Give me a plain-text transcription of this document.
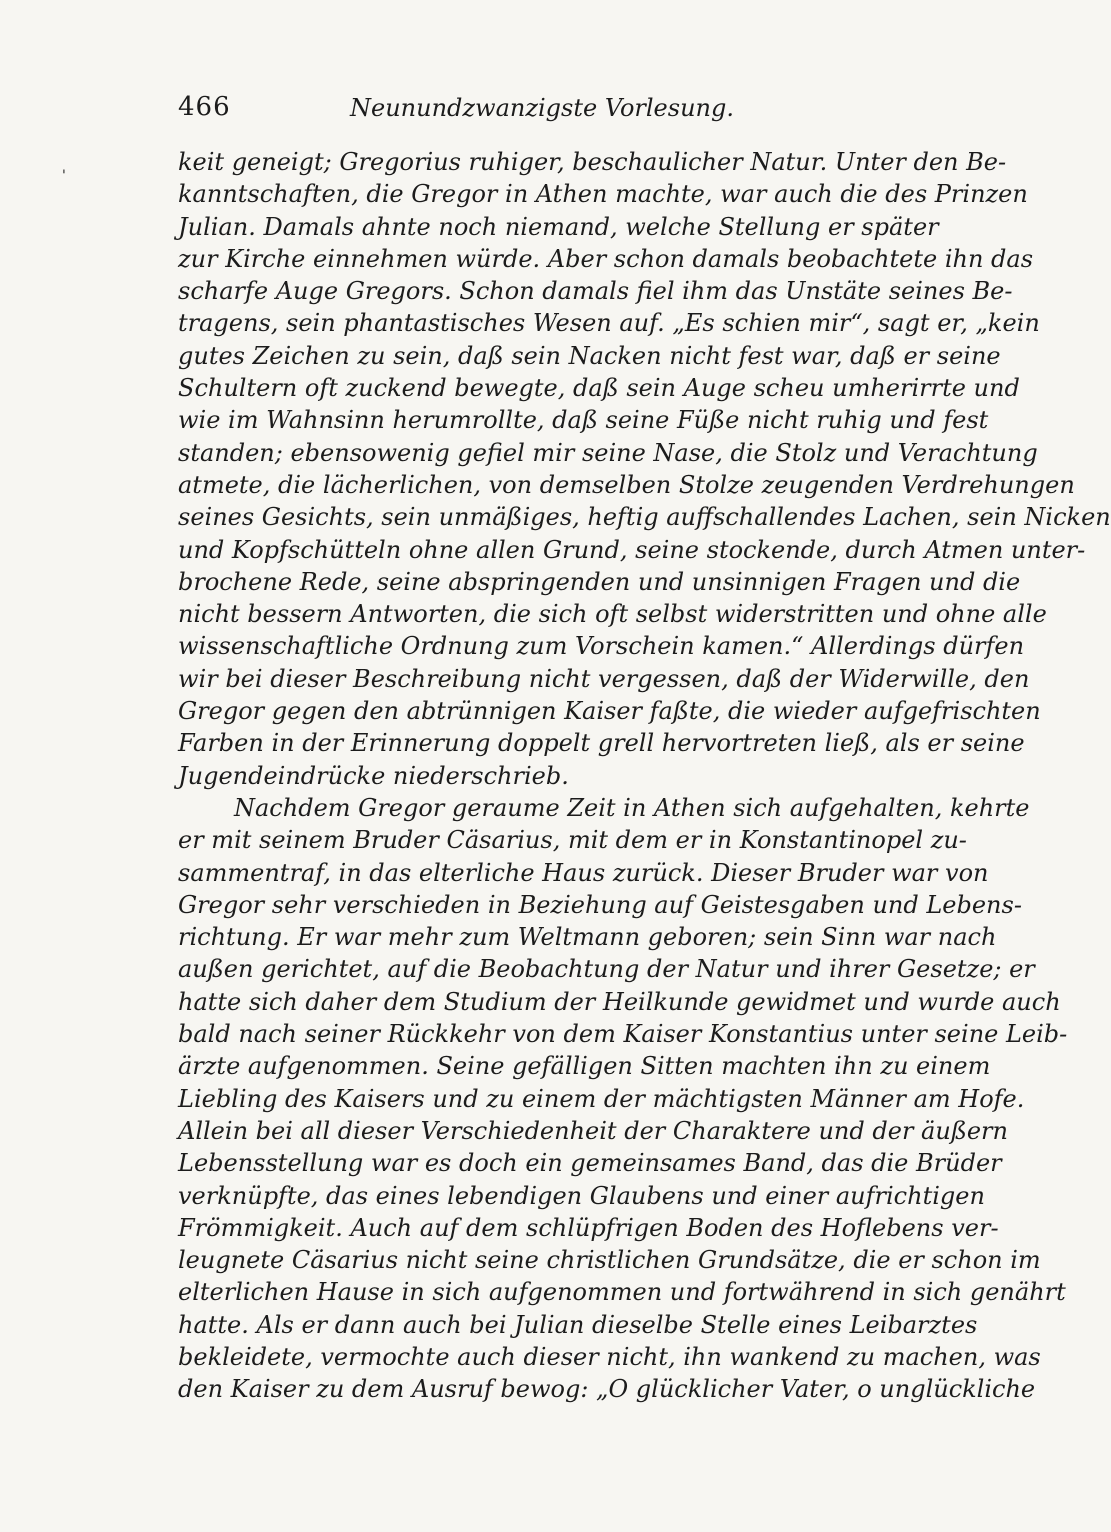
'
466	Neunundzwanzigste Vorlesung.
keit geneigt; Gregorius ruhiger, beschaulicher Natur. Unter den Be-
kanntschaften, die Gregor in Athen machte, war auch die des Prinzen
Julian. Damals ahnte noch niemand, welche Stellung er später
zur Kirche einnehmen würde. Aber schon damals beobachtete ihn das
scharfe Auge Gregors. Schon damals fiel ihm das Unstäte seines Be-
tragens, sein phantastisches Wesen auf. „Es schien mir“, sagt er, „kein
gutes Zeichen zu sein, daß sein Nacken nicht fest war, daß er seine
Schultern oft zuckend bewegte, daß sein Auge scheu umherirrte und
wie im Wahnsinn herumrollte, daß seine Füße nicht ruhig und fest
standen; ebensowenig gefiel mir seine Nase, die Stolz und Verachtung
atmete, die lächerlichen, von demselben Stolze zeugenden Verdrehungen
seines Gesichts, sein unmäßiges, heftig auffschallendes Lachen, sein Nicken
und Kopfschütteln ohne allen Grund, seine stockende, durch Atmen unter-
brochene Rede, seine abspringenden und unsinnigen Fragen und die
nicht bessern Antworten, die sich oft selbst widerstritten und ohne alle
wissenschaftliche Ordnung zum Vorschein kamen.“ Allerdings dürfen
wir bei dieser Beschreibung nicht vergessen, daß der Widerwille, den
Gregor gegen den abtrünnigen Kaiser faßte, die wieder aufgefrischten
Farben in der Erinnerung doppelt grell hervortreten ließ, als er seine
Jugendeindrücke niederschrieb.
Nachdem Gregor geraume Zeit in Athen sich aufgehalten, kehrte
er mit seinem Bruder Cäsarius, mit dem er in Konstantinopel zu-
sammentraf, in das elterliche Haus zurück. Dieser Bruder war von
Gregor sehr verschieden in Beziehung auf Geistesgaben und Lebens-
richtung. Er war mehr zum Weltmann geboren; sein Sinn war nach
außen gerichtet, auf die Beobachtung der Natur und ihrer Gesetze; er
hatte sich daher dem Studium der Heilkunde gewidmet und wurde auch
bald nach seiner Rückkehr von dem Kaiser Konstantius unter seine Leib-
ärzte aufgenommen. Seine gefälligen Sitten machten ihn zu einem
Liebling des Kaisers und zu einem der mächtigsten Männer am Hofe.
Allein bei all dieser Verschiedenheit der Charaktere und der äußern
Lebensstellung war es doch ein gemeinsames Band, das die Brüder
verknüpfte, das eines lebendigen Glaubens und einer aufrichtigen
Frömmigkeit. Auch auf dem schlüpfrigen Boden des Hoflebens ver-
leugnete Cäsarius nicht seine christlichen Grundsätze, die er schon im
elterlichen Hause in sich aufgenommen und fortwährend in sich genährt
hatte. Als er dann auch bei Julian dieselbe Stelle eines Leibarztes
bekleidete, vermochte auch dieser nicht, ihn wankend zu machen, was
den Kaiser zu dem Ausruf bewog: „O glücklicher Vater, o unglückliche
